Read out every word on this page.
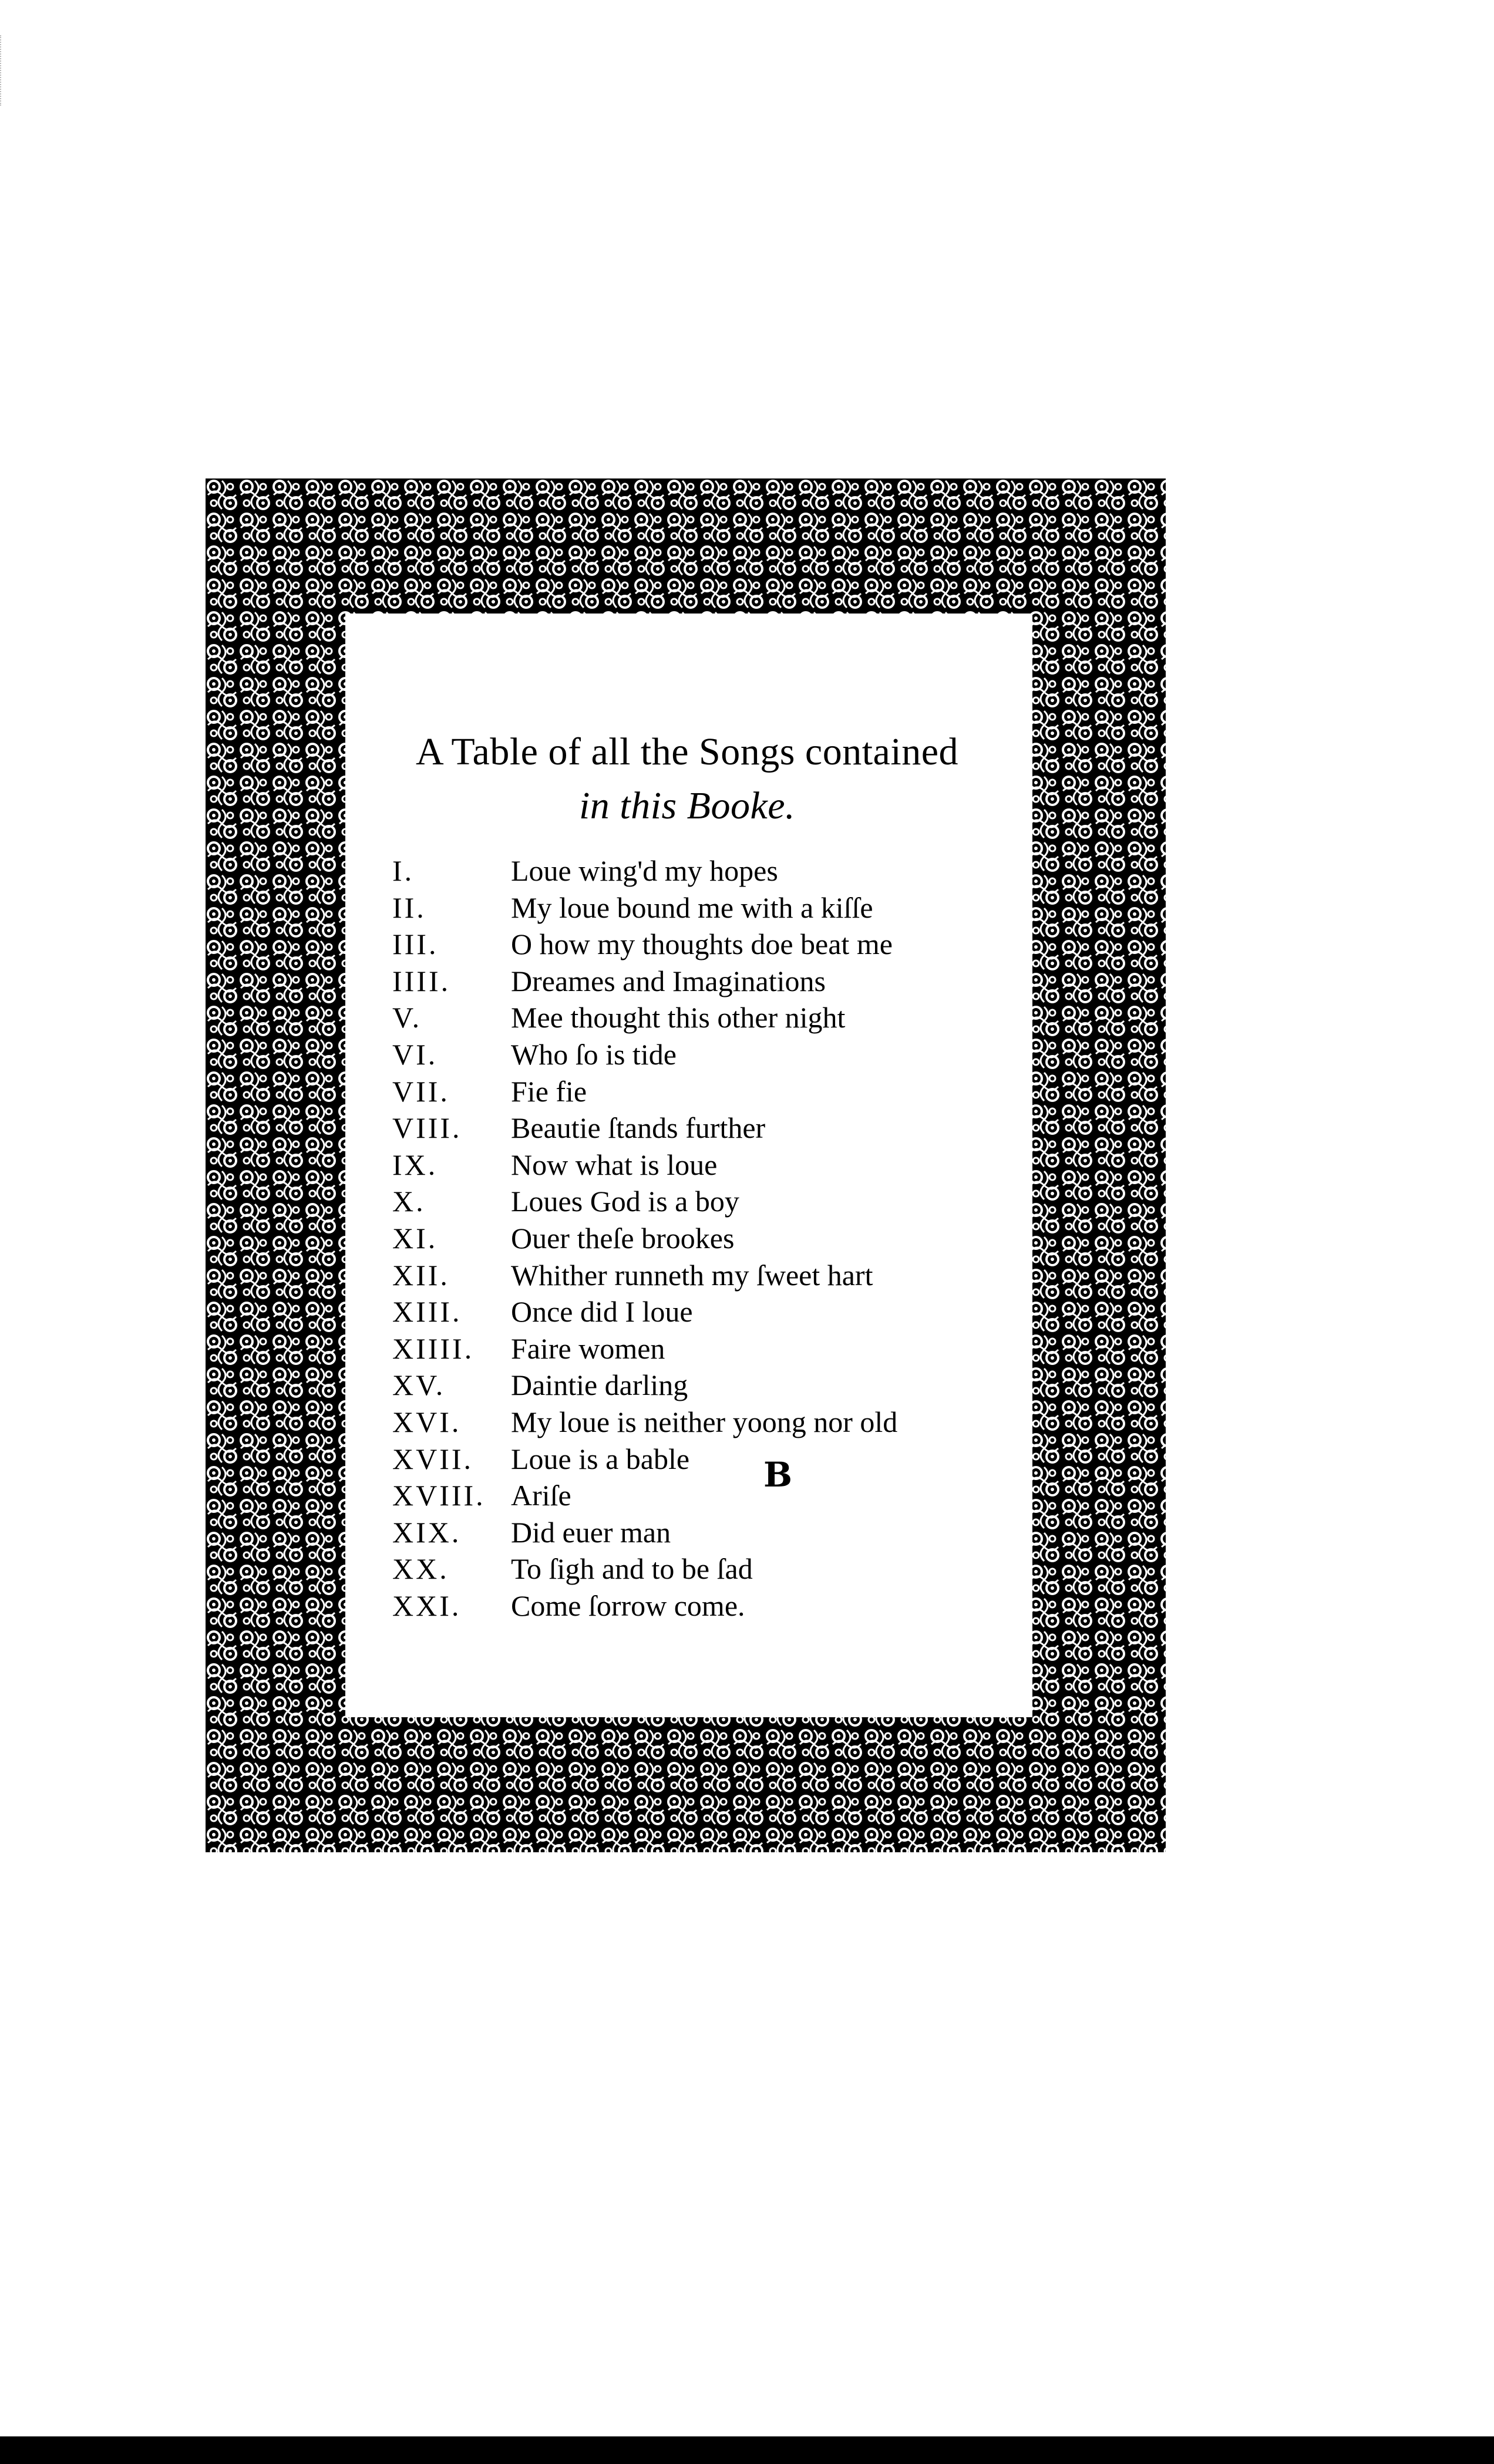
A Table of all the Songs contained
in this Booke.
I.	Loue wing'd my hopes
II.	My loue bound me with a kiſſe
III.	O how my thoughts doe beat me
IIII.	Dreames and Imaginations
V.	Mee thought this other night
VI.	Who ſo is tide
VII.	Fie fie
VIII.	Beautie ſtands further
IX.	Now what is loue
X.	Loues God is a boy
XI.	Ouer theſe brookes
XII.	Whither runneth my ſweet hart
XIII.	Once did I loue
XIIII.	Faire women
XV.	Daintie darling
XVI.	My loue is neither yoong nor old
XVII.	Loue is a bable
XVIII. Ariſe
XIX.	Did euer man
XX.	To ſigh and to be ſad
XXI.	Come ſorrow come.
B
